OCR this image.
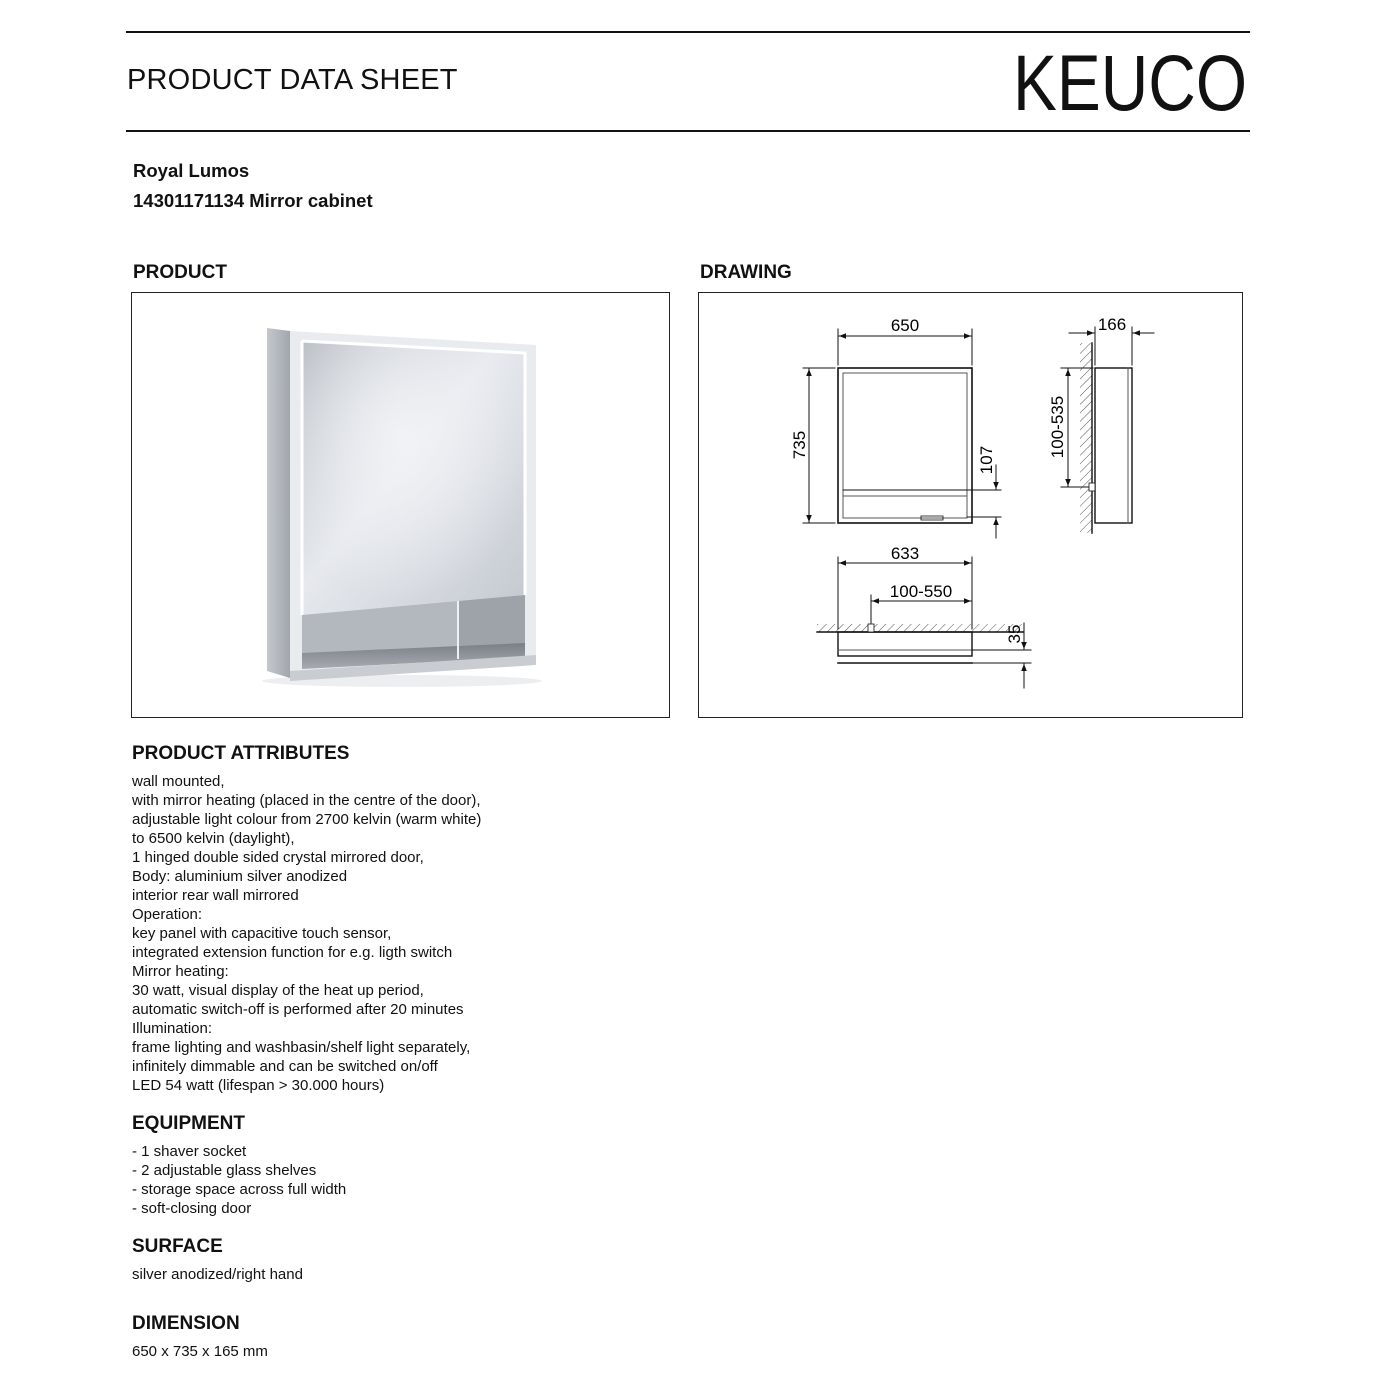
PRODUCT DATA SHEET	KEUCO
Royal Lumos
14301171134 Mirror cabinet
PRODUCT	DRAWING
650
735
107
166
100-535
633
100-550
35
PRODUCT ATTRIBUTES
wall mounted,
with mirror heating (placed in the centre of the door),
adjustable light colour from 2700 kelvin (warm white)
to 6500 kelvin (daylight),
1 hinged double sided crystal mirrored door,
Body: aluminium silver anodized
interior rear wall mirrored
Operation:
key panel with capacitive touch sensor,
integrated extension function for e.g. ligth switch
Mirror heating:
30 watt, visual display of the heat up period,
automatic switch-off is performed after 20 minutes
Illumination:
frame lighting and washbasin/shelf light separately,
infinitely dimmable and can be switched on/off
LED 54 watt (lifespan > 30.000 hours)
EQUIPMENT
- 1 shaver socket
- 2 adjustable glass shelves
- storage space across full width
- soft-closing door
SURFACE
silver anodized/right hand
DIMENSION
650 x 735 x 165 mm
